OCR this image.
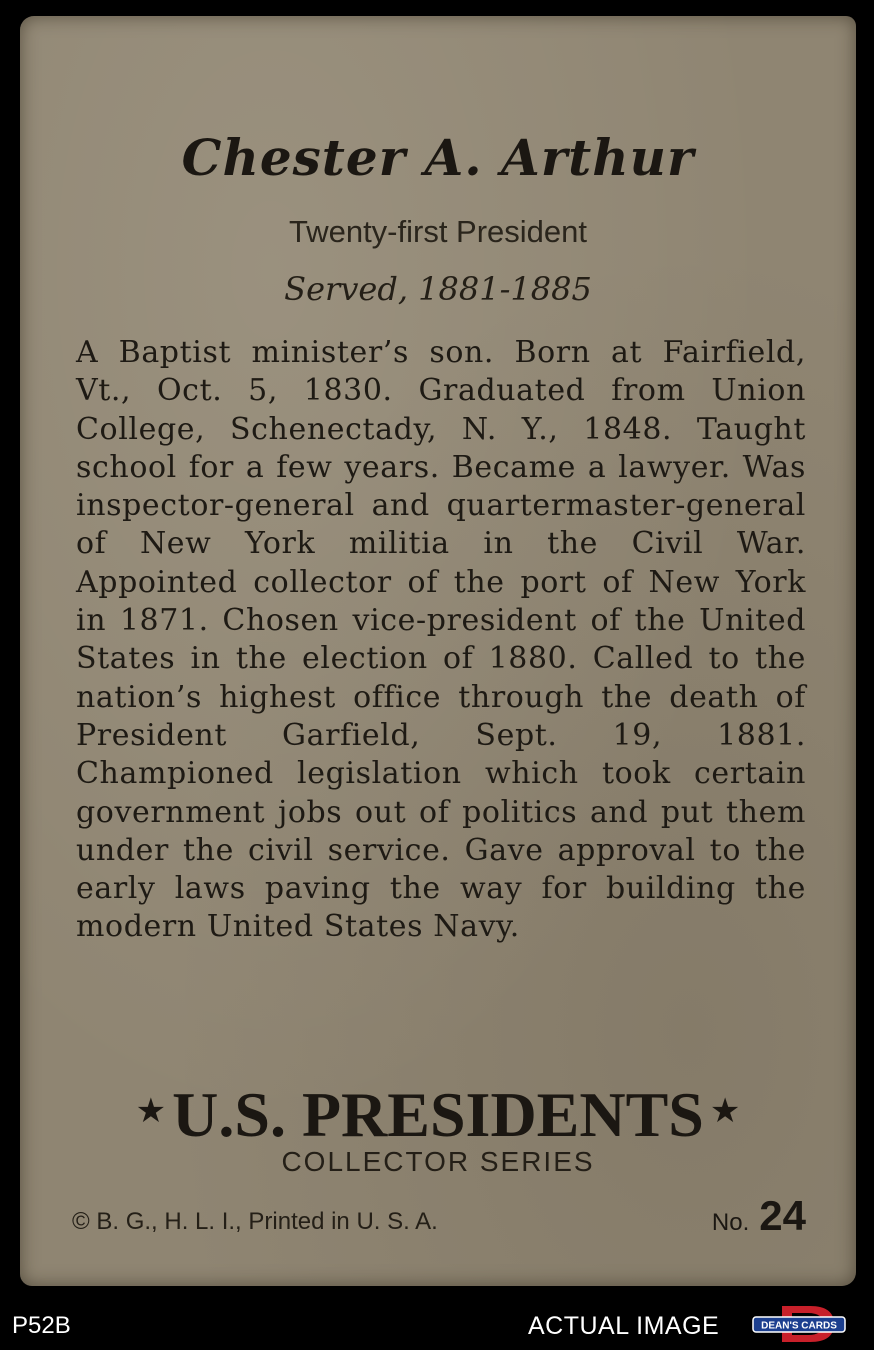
Chester A. Arthur
Twenty-first President
Served, 1881-1885

A Baptist minister’s son. Born at Fairfield, Vt., Oct. 5, 1830. Graduated from Union College, Schenectady, N. Y., 1848. Taught school for a few years. Became a lawyer. Was inspector-general and quartermaster-general of New York militia in the Civil War. Appointed collector of the port of New York in 1871. Chosen vice-president of the United States in the election of 1880. Called to the nation’s highest office through the death of President Garfield, Sept. 19, 1881. Championed legislation which took certain government jobs out of politics and put them under the civil service. Gave approval to the early laws paving the way for building the modern United States Navy.

★U.S. PRESIDENTS ★
COLLECTOR SERIES
© B. G., H. L. I., Printed in U. S. A.	No. 24
P52B	ACTUAL IMAGE	DEAN'S CARDS
